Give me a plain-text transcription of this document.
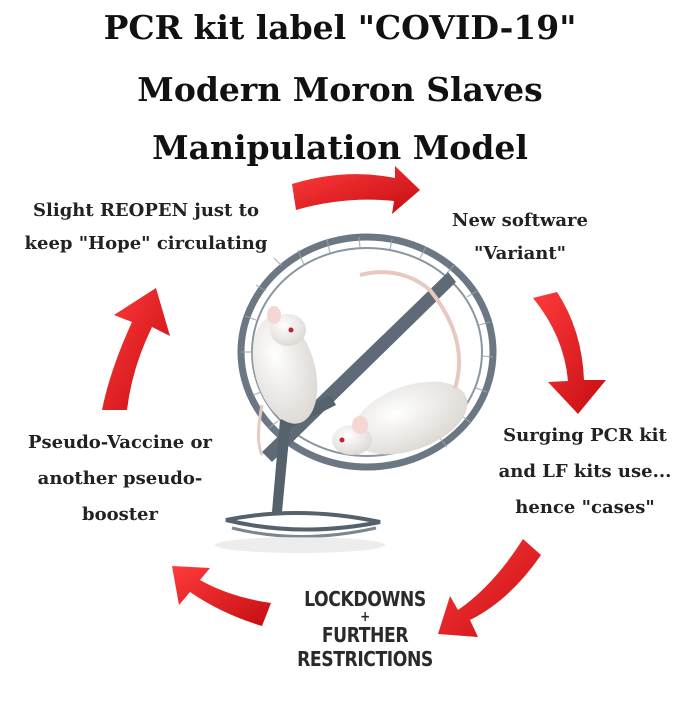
PCR kit label "COVID-19"
Modern Moron Slaves
Manipulation Model
Slight REOPEN just to
keep "Hope" circulating
New software
"Variant"
Surging PCR kit
and LF kits use...
hence "cases"
LOCKDOWNS
+
FURTHER
RESTRICTIONS
Pseudo-Vaccine or
another pseudo-
booster
